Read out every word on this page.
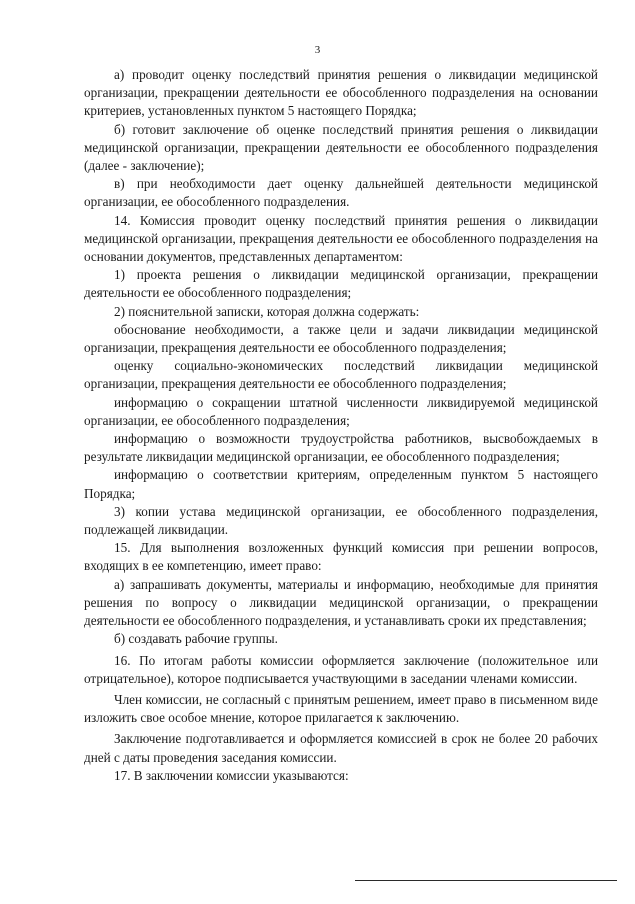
3

а) проводит оценку последствий принятия решения о ликвидации медицинской организации, прекращении деятельности ее обособленного подразделения на основании критериев, установленных пунктом 5 настоящего Порядка;

б) готовит заключение об оценке последствий принятия решения о ликвидации медицинской организации, прекращении деятельности ее обособленного подразделения (далее - заключение);

в) при необходимости дает оценку дальнейшей деятельности медицинской организации, ее обособленного подразделения.

14. Комиссия проводит оценку последствий принятия решения о ликвидации медицинской организации, прекращения деятельности ее обособленного подразделения на основании документов, представленных департаментом:

1) проекта решения о ликвидации медицинской организации, прекращении деятельности ее обособленного подразделения;

2) пояснительной записки, которая должна содержать:

обоснование необходимости, а также цели и задачи ликвидации медицинской организации, прекращения деятельности ее обособленного подразделения;

оценку социально-экономических последствий ликвидации медицинской организации, прекращения деятельности ее обособленного подразделения;

информацию о сокращении штатной численности ликвидируемой медицинской организации, ее обособленного подразделения;

информацию о возможности трудоустройства работников, высвобождаемых в результате ликвидации медицинской организации, ее обособленного подразделения;

информацию о соответствии критериям, определенным пунктом 5 настоящего Порядка;

3) копии устава медицинской организации, ее обособленного подразделения, подлежащей ликвидации.

15. Для выполнения возложенных функций комиссия при решении вопросов, входящих в ее компетенцию, имеет право:

а) запрашивать документы, материалы и информацию, необходимые для принятия решения по вопросу о ликвидации медицинской организации, о прекращении деятельности ее обособленного подразделения, и устанавливать сроки их представления;

б) создавать рабочие группы.

16. По итогам работы комиссии оформляется заключение (положительное или отрицательное), которое подписывается участвующими в заседании членами комиссии.

Член комиссии, не согласный с принятым решением, имеет право в письменном виде изложить свое особое мнение, которое прилагается к заключению.

Заключение подготавливается и оформляется комиссией в срок не более 20 рабочих дней с даты проведения заседания комиссии.

17. В заключении комиссии указываются:
